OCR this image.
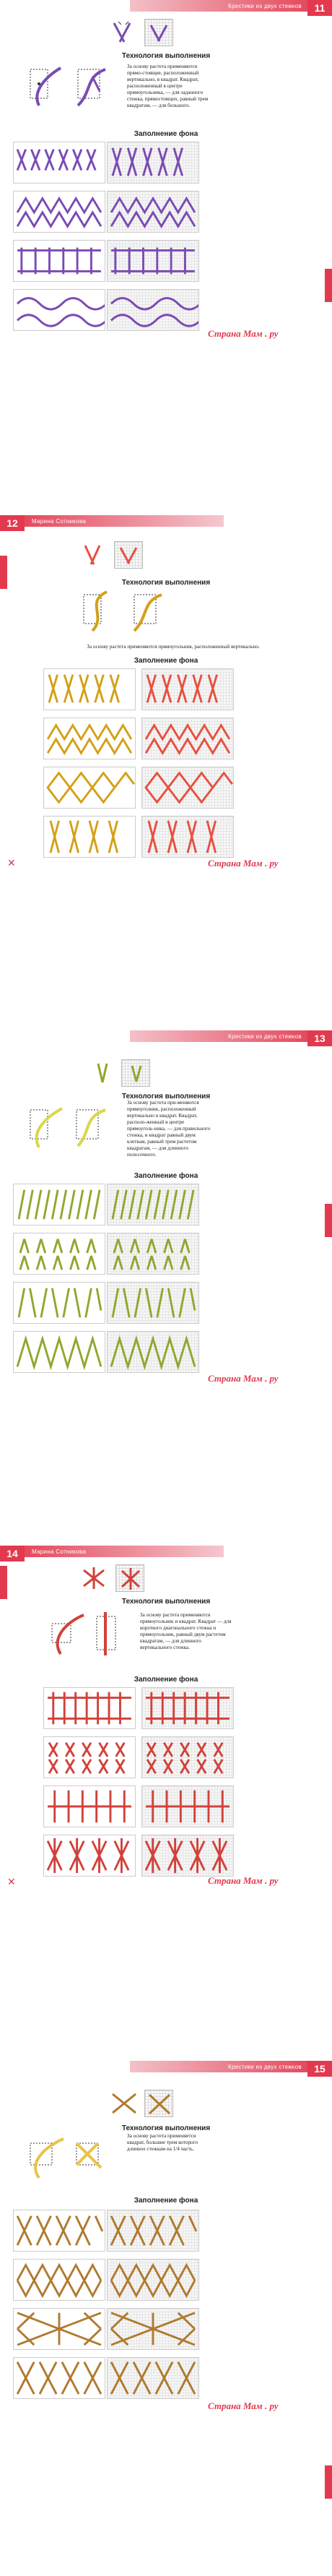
Крестики из двух стежков	11
Технология выполнения
За основу растета применяются прямо-стоящие, расположенный вертикально, в квадрат. Квадрат, расположенный в центре прямоугольника, — для заданного стежка, прямостоящих, равный трем квадратам, — для большого.
Заполнение фона
Страна Мам . ру
Марина Сотникова
12
Технология выполнения
За основу растета применяются прямоугольник, расположенный вертикально.
Заполнение фона
✕	Страна Мам . ру
Крестики из двух стежков	13
Технология выполнения
За основу растета при-меняются прямоуголник, расположенный вертикально в квадрат. Квадрат, располо-женный в центре прямоуголь-ника, — для правильного стежка, и квадрат равный двум клеткам, равный трем растетом квадратам, — для длинного полосочного.
Заполнение фона
Страна Мам . ру
Марина Сотникова
14
Технология выполнения
За основу растета применяются прямоугольник и квадрат. Квадрат — для короткого диагонального стежка и прямоугольник, равный двум растетом квадратам, — для длинного вертикального стежка.
Заполнение фона
✕	Страна Мам . ру
Крестики из двух стежков	15
Технология выполнения
За основу растета применяется квадрат, большие трем которого длинное стежкам на 1/4 часть.
Заполнение фона
Страна Мам . ру
